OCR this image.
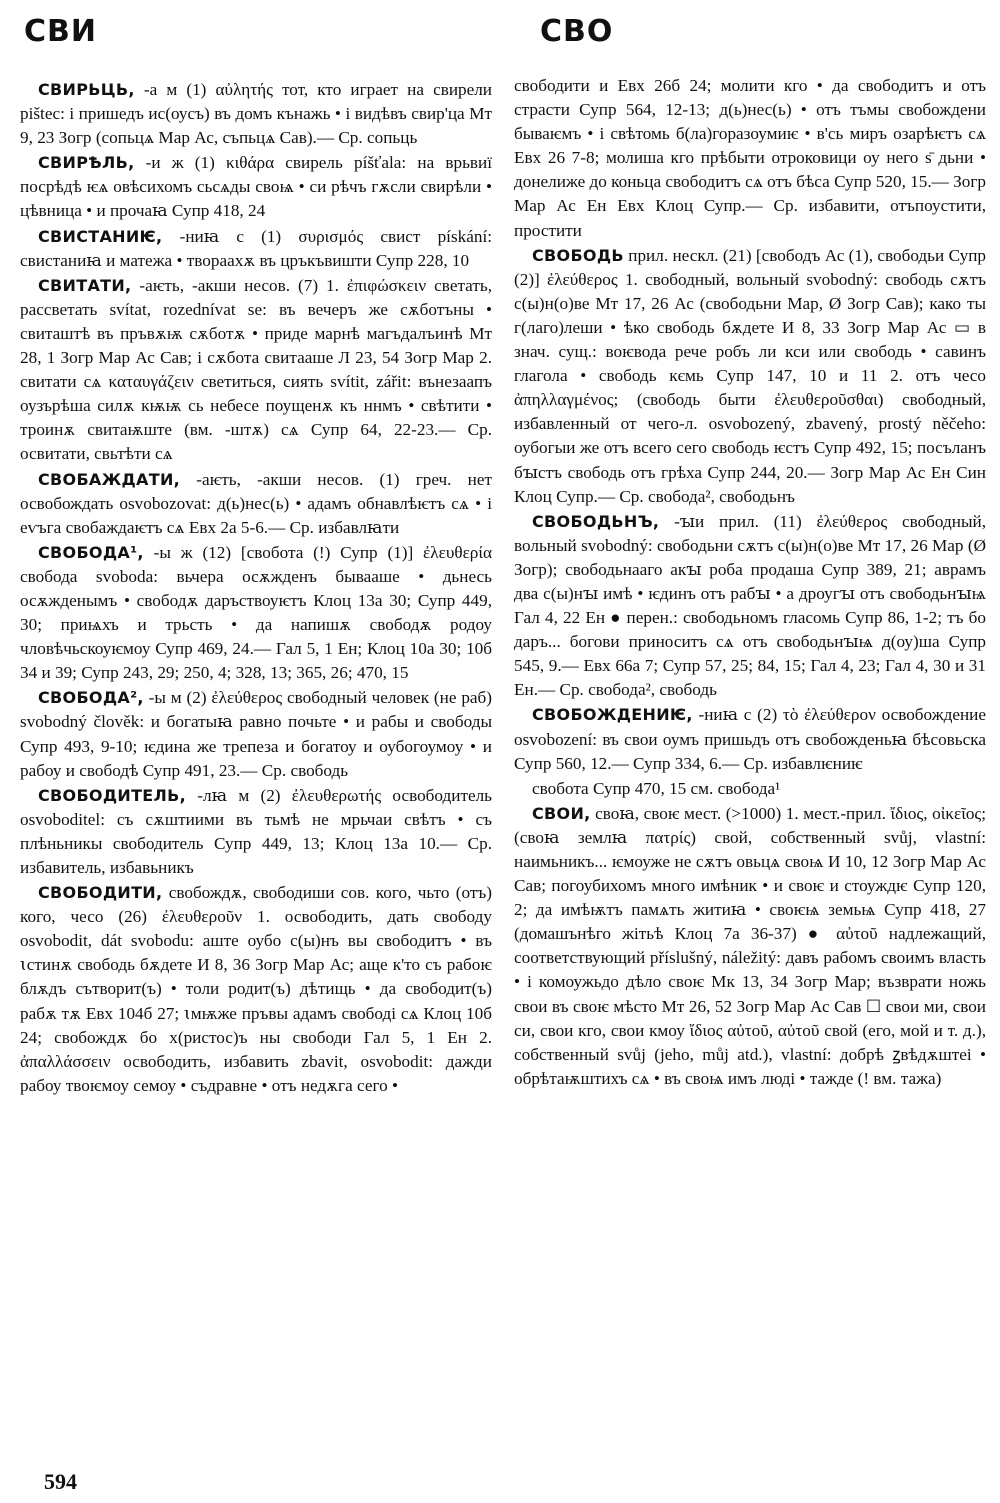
СВИ	СВО

СВИРЬЦЬ, -а м (1) αὐλητής тот, кто играет на свирели pištec: і пришедъ ис(оусъ) въ домъ кънажь • і видѣвъ свир'ца Мт 9, 23 Зогр (сопьцѧ Мар Ас, съпьцѧ Сав).— Ср. сопьць

СВИРѢЛЬ, -и ж (1) κιθάρα свирель píšťala: на врьвиї посрѣдѣ ѥѧ овѣсихомъ сьсѧды своѩ • си рѣчъ гѫсли свирѣли • цѣвница • и прочаꙗ Супр 418, 24

СВИСТАНИѤ, -ниꙗ с (1) συρισμός свист pískání: свистаниꙗ и матежа • твораахѫ въ цръкъвишти Супр 228, 10

СВИТАТИ, -аѥть, -акши несов. (7) 1. ἐπιφώσκειν светать, рассветать svítat, rozednívat se: въ вечеръ же сѫботъны • свиташтѣ въ пръвѫѭ сѫботѫ • приде марнѣ магъдалъинѣ Мт 28, 1 Зогр Мар Ас Сав; і сѫбота свитааше Л 23, 54 Зогр Мар 2. свитати сѧ καταυγάζειν светиться, сиять svítit, zářit: вънезаапъ оузърѣша силѫ кѭѭ сь небесе поущенѫ къ ннмъ • свѣтити • троинѫ свитаѭште (вм. -штѫ) сѧ Супр 64, 22-23.— Ср. освитати, свьтѣти сѧ

СВОБАЖДАТИ, -аѥть, -акши несов. (1) греч. нет освобождать osvobozovat: д(ь)нес(ь) • адамъ обнавлѣѥтъ сѧ • і еѵъга свобаждаѥтъ сѧ Евх 2а 5-6.— Ср. избавлꙗти

СВОБОДА¹, -ы ж (12) [свобота (!) Супр (1)] ἐλευθερία свобода svoboda: вьчера осѫжденъ бывааше • дьнесь осѫжденымъ • свободѫ даръствоуѥтъ Клоц 13а 30; Супр 449, 30; приѩхъ и трьсть • да напишѫ свободѫ родоу чловѣчьскоуѥмоу Супр 469, 24.— Гал 5, 1 Ен; Клоц 10а 30; 10б 34 и 39; Супр 243, 29; 250, 4; 328, 13; 365, 26; 470, 15

СВОБОДА², -ы м (2) ἐλεύθερος свободный человек (не раб) svobodný člověk: и богатыꙗ равно почьте • и рабы и свободы Супр 493, 9-10; ѥдина же трепеза и богатоу и оубогоумоу • и рабоу и свободѣ Супр 491, 23.— Ср. свободь

СВОБОДИТЕЛЬ, -лꙗ м (2) ἐλευθερωτής освободитель osvoboditel: съ сѫштиими въ тьмѣ не мрьчаи свѣтъ • съ плѣньникы свободитель Супр 449, 13; Клоц 13а 10.— Ср. избавитель, избавьникъ

СВОБОДИТИ, свобождѫ, свободиши сов. кого, чьто (отъ) кого, чесо (26) ἐλευθεροῦν 1. освободить, дать свободу osvobodit, dát svobodu: аште оубо с(ы)нъ вы свободитъ • въ ꙇстинѫ свободь бѫдете И 8, 36 Зогр Мар Ас; аще к'то съ рабоѥ блѫдъ сътворит(ъ) • толи родит(ъ) дѣтищь • да свободит(ъ) рабѫ тѫ Евх 104б 27; ꙇмѭже пръвы адамъ свободі сѧ Клоц 10б 24; свобождѫ бо х(ристос)ъ ны свободи Гал 5, 1 Ен 2. ἀπαλλάσσειν освободить, избавить zbavit, osvobodit: дажди рабоу твоѥмоу семоу • съдравне • отъ недѫга сего •

свободити и Евх 26б 24; молити кго • да свободитъ и отъ страсти Супр 564, 12-13; д(ь)нес(ь) • отъ тъмы свобождени бываѥмъ • і свѣтомь б(ла)горазоумиѥ • в'сь миръ озарѣѥтъ сѧ Евх 26 7-8; молиша кго прѣбыти отроковици оу него ѕ̄ дьни • донелиже до коньца свободитъ сѧ отъ бѣса Супр 520, 15.— Зогр Мар Ас Ен Евх Клоц Супр.— Ср. избавити, отъпоустити, простити

СВОБОДЬ прил. нескл. (21) [свободъ Ас (1), свободьи Супр (2)] ἐλεύθερος 1. свободный, вольный svobodný: свободь сѫтъ с(ы)н(о)ве Мт 17, 26 Ас (свободьни Мар, Ø Зогр Сав); како ты г(лаго)леши • ѣко свободь бѫдете И 8, 33 Зогр Мар Ас ▭ в знач. сущ.: воѥвода рече робъ ли кси или свободь • савинъ глагола • свободь кємь Супр 147, 10 и 11 2. отъ чесо ἀπηλλαγμένος; (свободь быти ἐλευθεροῦσθαι) свободный, избавленный от чего-л. osvobozený, zbavený, prostý něčeho: оубогыи же отъ всего сего свободь ѥстъ Супр 492, 15; посъланъ бꙑстъ свободь отъ грѣха Супр 244, 20.— Зогр Мар Ас Ен Син Клоц Супр.— Ср. свобода², свободьнъ

СВОБОДЬНЪ, -ꙑи прил. (11) ἐλεύθερος свободный, вольный svobodný: свободьни сѫтъ с(ы)н(о)ве Мт 17, 26 Мар (Ø Зогр); свободьнааго акꙑ роба продаша Супр 389, 21; аврамъ два с(ы)нꙑ имѣ • ѥдинъ отъ рабꙑ • а дроугꙑ отъ свободьнꙑѩ Гал 4, 22 Ен ● перен.: свободьномъ гласомь Супр 86, 1-2; тъ бо даръ... богови приноситъ сѧ отъ свободьнꙑѩ д(оу)ша Супр 545, 9.— Евх 66а 7; Супр 57, 25; 84, 15; Гал 4, 23; Гал 4, 30 и 31 Ен.— Ср. свобода², свободь

СВОБОЖДЕНИѤ, -ниꙗ с (2) τὸ ἐλεύθερον освобождение osvobození: въ свои оумъ пришьдъ отъ свобожденьꙗ бѣсовьска Супр 560, 12.— Супр 334, 6.— Ср. избавлѥниѥ

свобота Супр 470, 15 см. свобода¹

СВОИ, своꙗ, своѥ мест. (>1000) 1. мест.-прил. ἴδιος, οἰκεῖος; (своꙗ землꙗ πατρίς) свой, собственный svůj, vlastní: наимьникъ... ѥмоуже не сѫтъ овьцѧ своѩ И 10, 12 Зогр Мар Ас Сав; погоубихомъ много имѣник • и своѥ и стоуждѥ Супр 120, 2; да имѣѭтъ памѧть житиꙗ • своѥѩ земьѩ Супр 418, 27 (домашънѣго жітьѣ Клоц 7а 36-37) ● αὐτοῦ надлежащий, соответствующий příslušný, náležitý: давъ рабомъ своимъ власть • і комоужьдо дѣло своѥ Мк 13, 34 Зогр Мар; възврати ножь свои въ своѥ мѣсто Мт 26, 52 Зогр Мар Ас Сав ☐ свои ми, свои си, свои кго, свои кмоу ἴδιος αὐτοῦ, αὐτοῦ свой (его, мой и т. д.), собственный svůj (jeho, můj atd.), vlastní: добрѣ ꙁвѣдѫштеі • обрѣтаѭштихъ сѧ • въ своѩ имъ люді • тажде (! вм. тажа)

594
